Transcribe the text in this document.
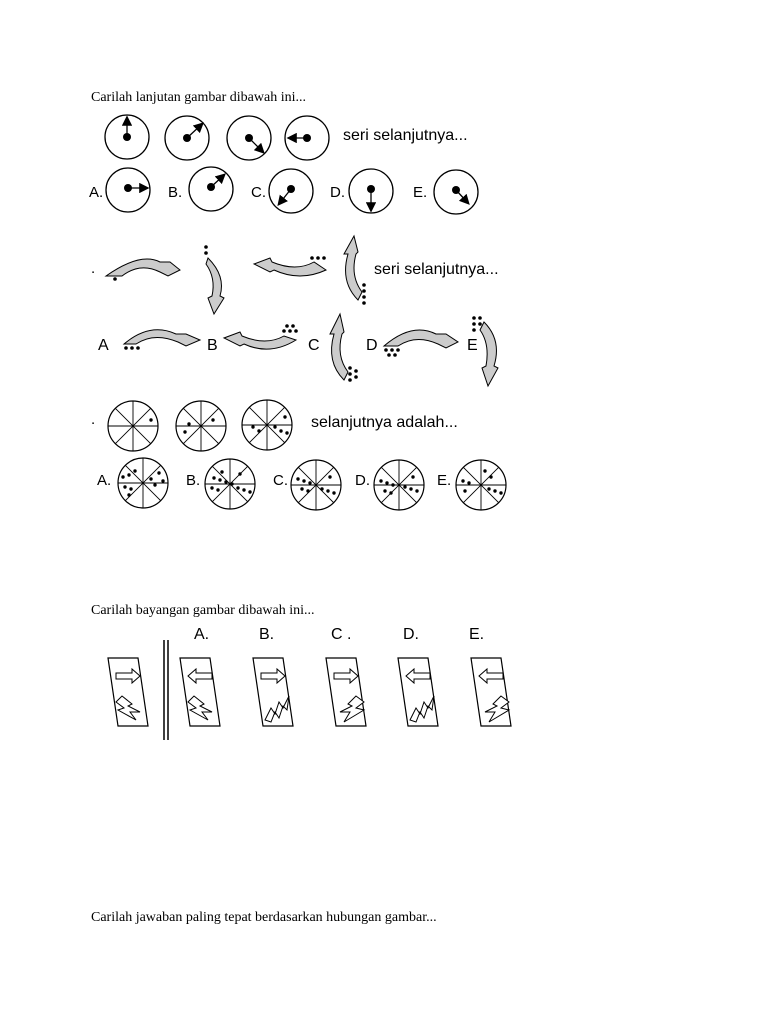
Carilah lanjutan gambar dibawah ini...
seri selanjutnya...
A.	B.	C.	D.	E.
.	seri selanjutnya...
A	B	C	D	E
.	selanjutnya adalah...
A.	B.	C.	D.	E.
Carilah bayangan gambar dibawah ini...
A.	B.	C .	D.	E.
Carilah jawaban paling tepat berdasarkan hubungan gambar...
